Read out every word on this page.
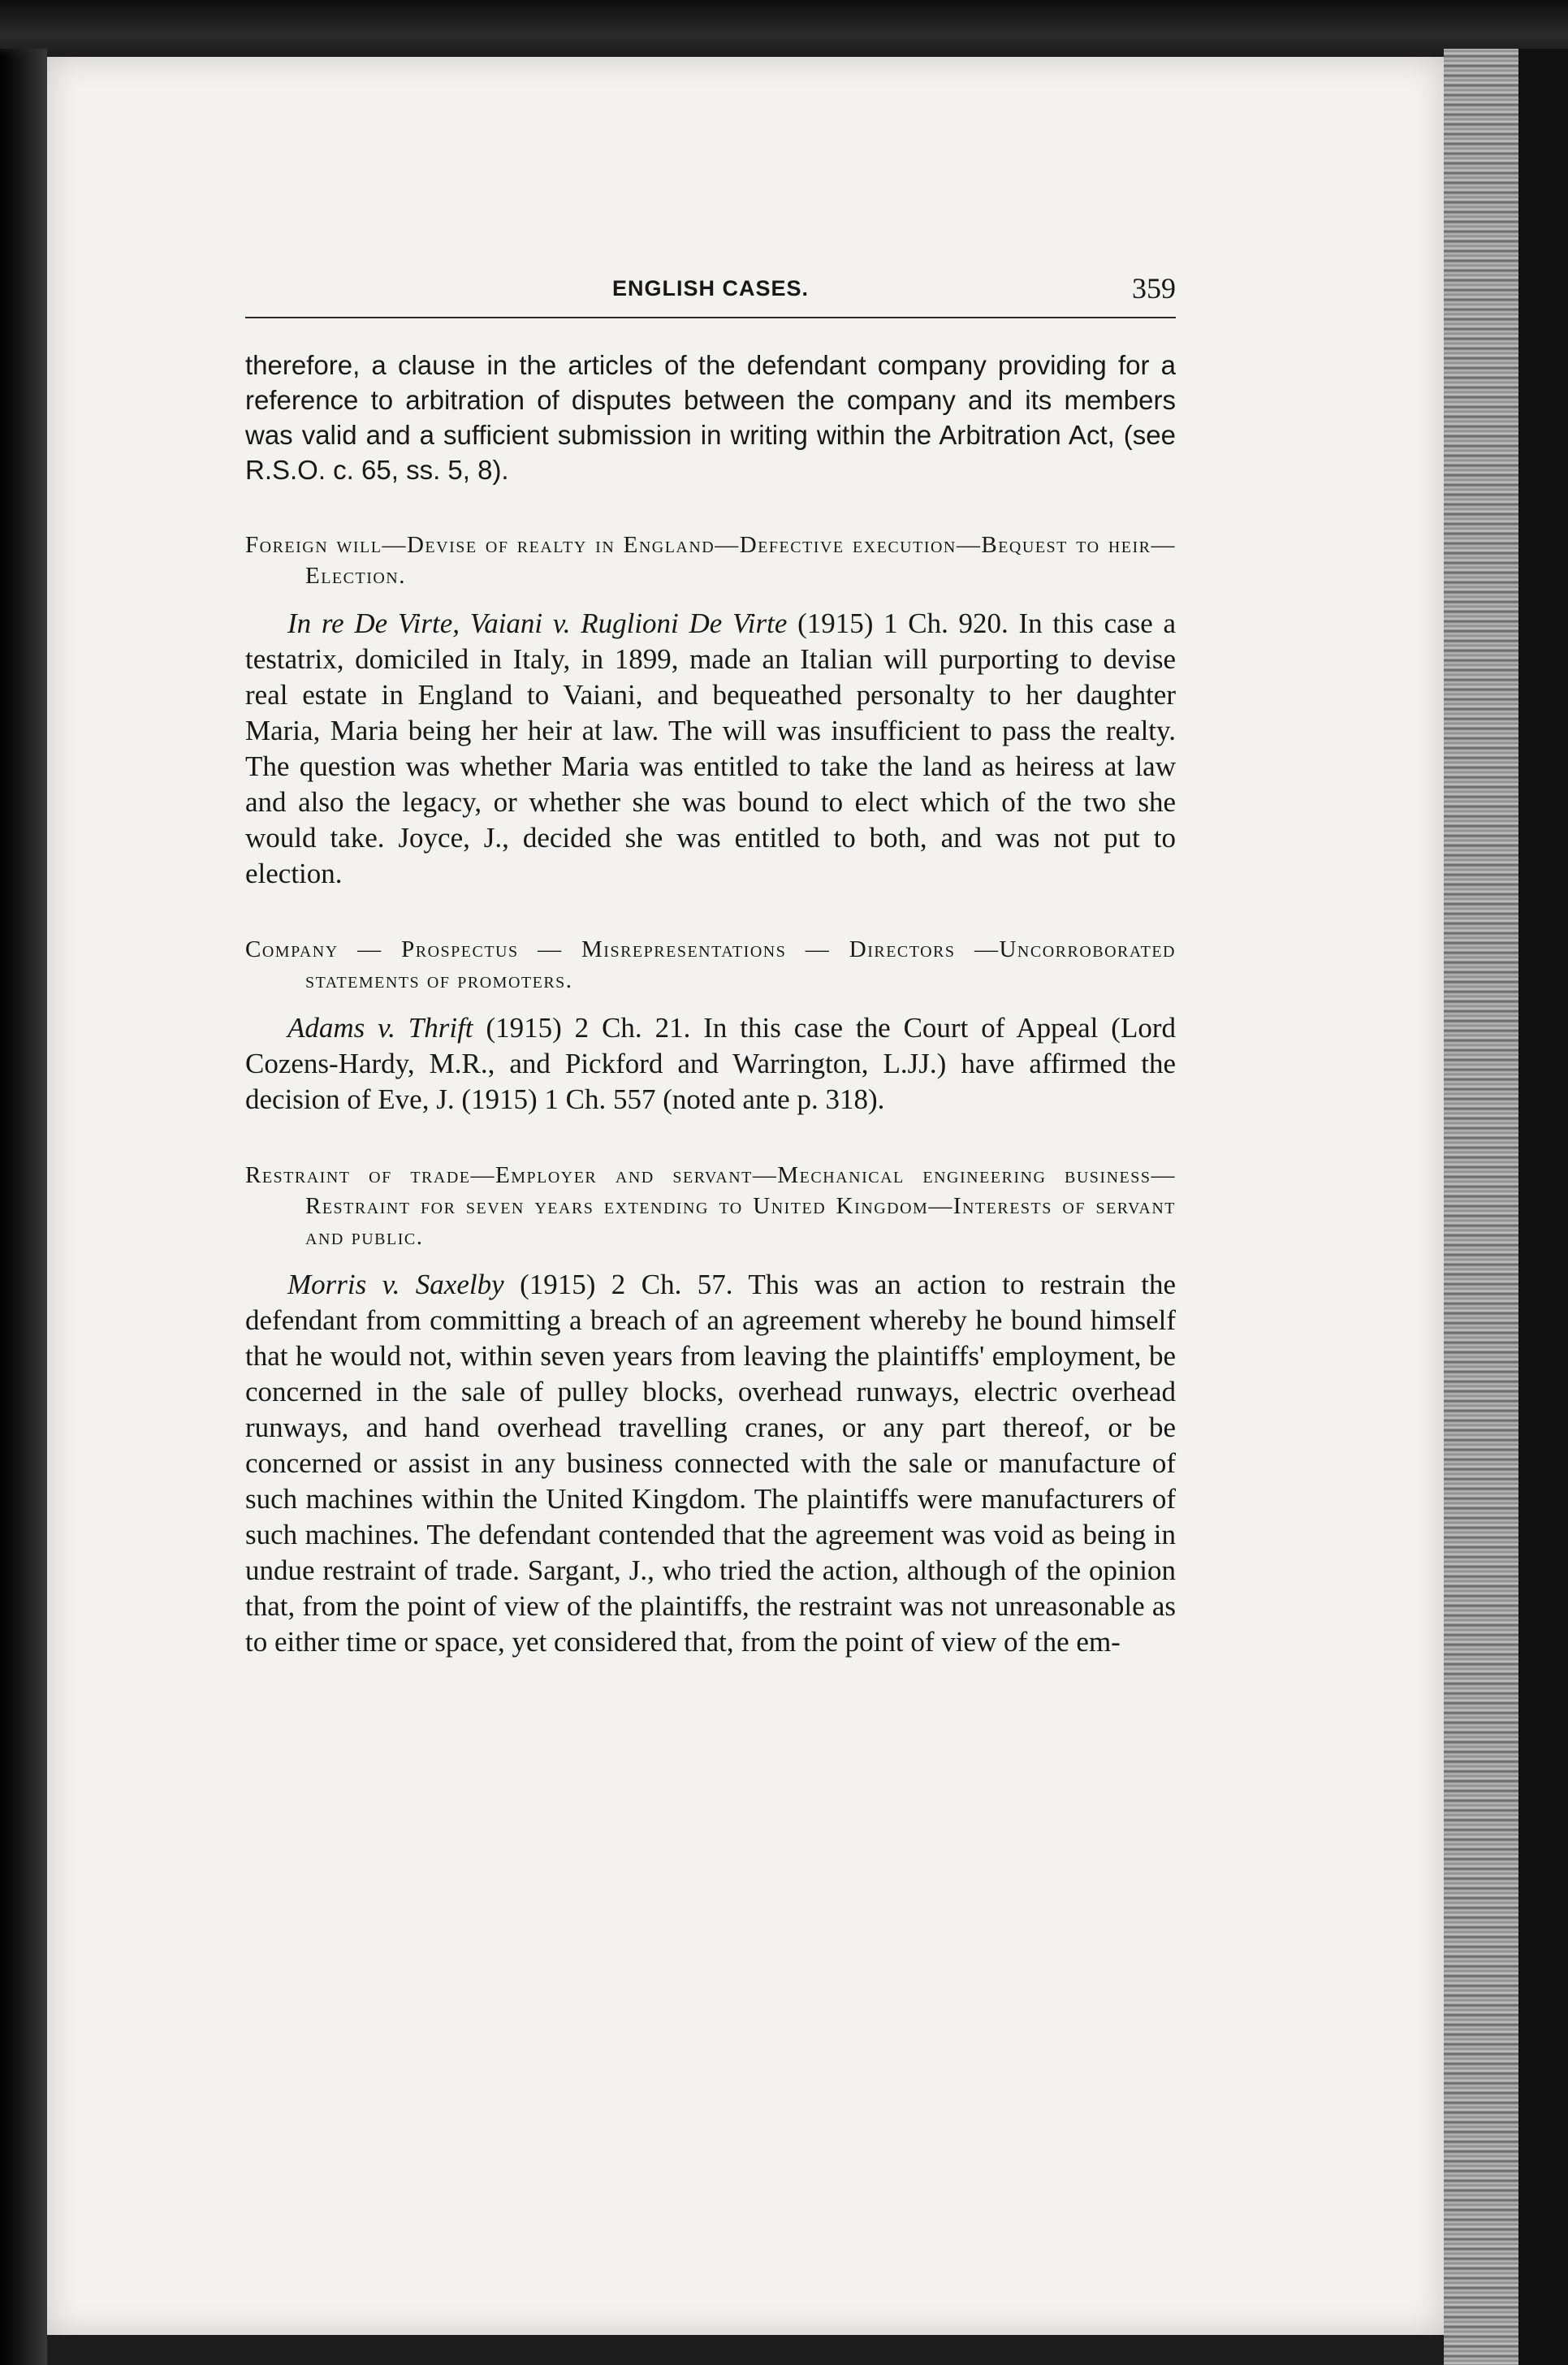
ENGLISH CASES.	359

therefore, a clause in the articles of the defendant company providing for a reference to arbitration of disputes between the company and its members was valid and a sufficient submission in writing within the Arbitration Act, (see R.S.O. c. 65, ss. 5, 8).

Foreign will—Devise of realty in England—Defective execution—Bequest to heir—Election.

In re De Virte, Vaiani v. Ruglioni De Virte (1915) 1 Ch. 920. In this case a testatrix, domiciled in Italy, in 1899, made an Italian will purporting to devise real estate in England to Vaiani, and bequeathed personalty to her daughter Maria, Maria being her heir at law. The will was insufficient to pass the realty. The question was whether Maria was entitled to take the land as heiress at law and also the legacy, or whether she was bound to elect which of the two she would take. Joyce, J., decided she was entitled to both, and was not put to election.

Company — Prospectus — Misrepresentations — Directors —Uncorroborated statements of promoters.

Adams v. Thrift (1915) 2 Ch. 21. In this case the Court of Appeal (Lord Cozens-Hardy, M.R., and Pickford and Warrington, L.JJ.) have affirmed the decision of Eve, J. (1915) 1 Ch. 557 (noted ante p. 318).

Restraint of trade—Employer and servant—Mechanical engineering business—Restraint for seven years extending to United Kingdom—Interests of servant and public.

Morris v. Saxelby (1915) 2 Ch. 57. This was an action to restrain the defendant from committing a breach of an agreement whereby he bound himself that he would not, within seven years from leaving the plaintiffs' employment, be concerned in the sale of pulley blocks, overhead runways, electric overhead runways, and hand overhead travelling cranes, or any part thereof, or be concerned or assist in any business connected with the sale or manufacture of such machines within the United Kingdom. The plaintiffs were manufacturers of such machines. The defendant contended that the agreement was void as being in undue restraint of trade. Sargant, J., who tried the action, although of the opinion that, from the point of view of the plaintiffs, the restraint was not unreasonable as to either time or space, yet considered that, from the point of view of the em-
